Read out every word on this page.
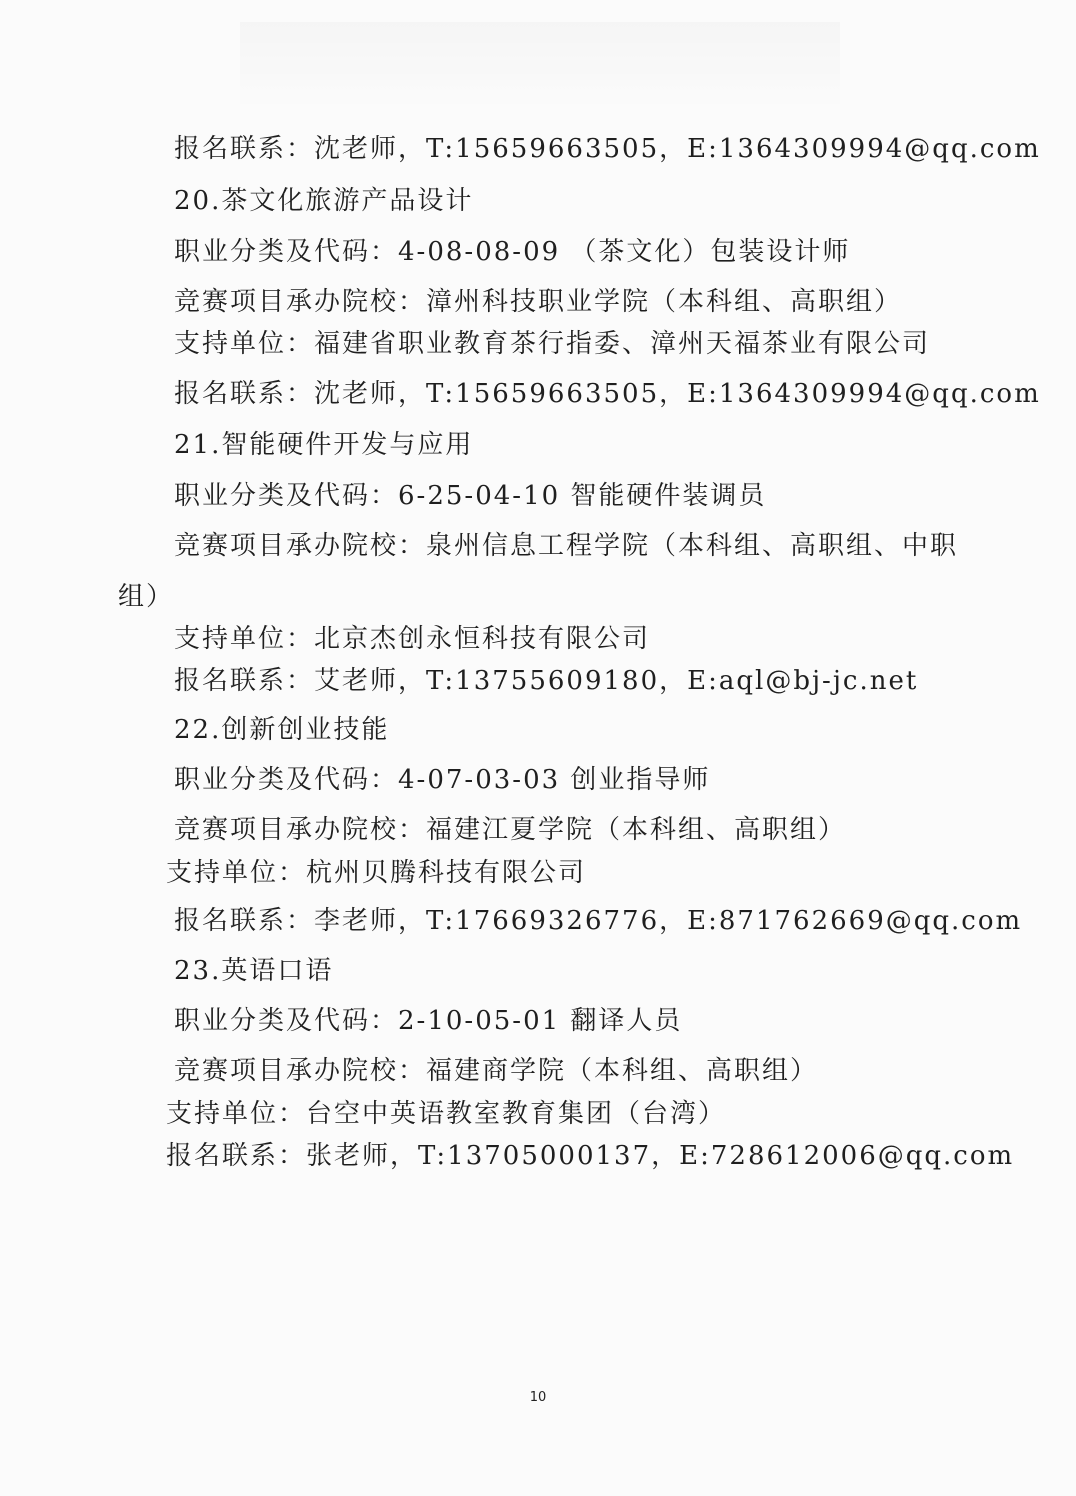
报名联系：沈老师，T:15659663505，E:1364309994@qq.com
20.茶文化旅游产品设计
职业分类及代码：4-08-08-09 （茶文化）包装设计师
竞赛项目承办院校：漳州科技职业学院（本科组、高职组）
支持单位：福建省职业教育茶行指委、漳州天福茶业有限公司
报名联系：沈老师，T:15659663505，E:1364309994@qq.com
21.智能硬件开发与应用
职业分类及代码：6-25-04-10 智能硬件装调员
竞赛项目承办院校：泉州信息工程学院（本科组、高职组、中职
组）
支持单位：北京杰创永恒科技有限公司
报名联系：艾老师，T:13755609180，E:aql@bj-jc.net
22.创新创业技能
职业分类及代码：4-07-03-03 创业指导师
竞赛项目承办院校：福建江夏学院（本科组、高职组）
支持单位：杭州贝腾科技有限公司
报名联系：李老师，T:17669326776，E:871762669@qq.com
23.英语口语
职业分类及代码：2-10-05-01 翻译人员
竞赛项目承办院校：福建商学院（本科组、高职组）
支持单位：台空中英语教室教育集团（台湾）
报名联系：张老师，T:13705000137，E:728612006@qq.com
10
